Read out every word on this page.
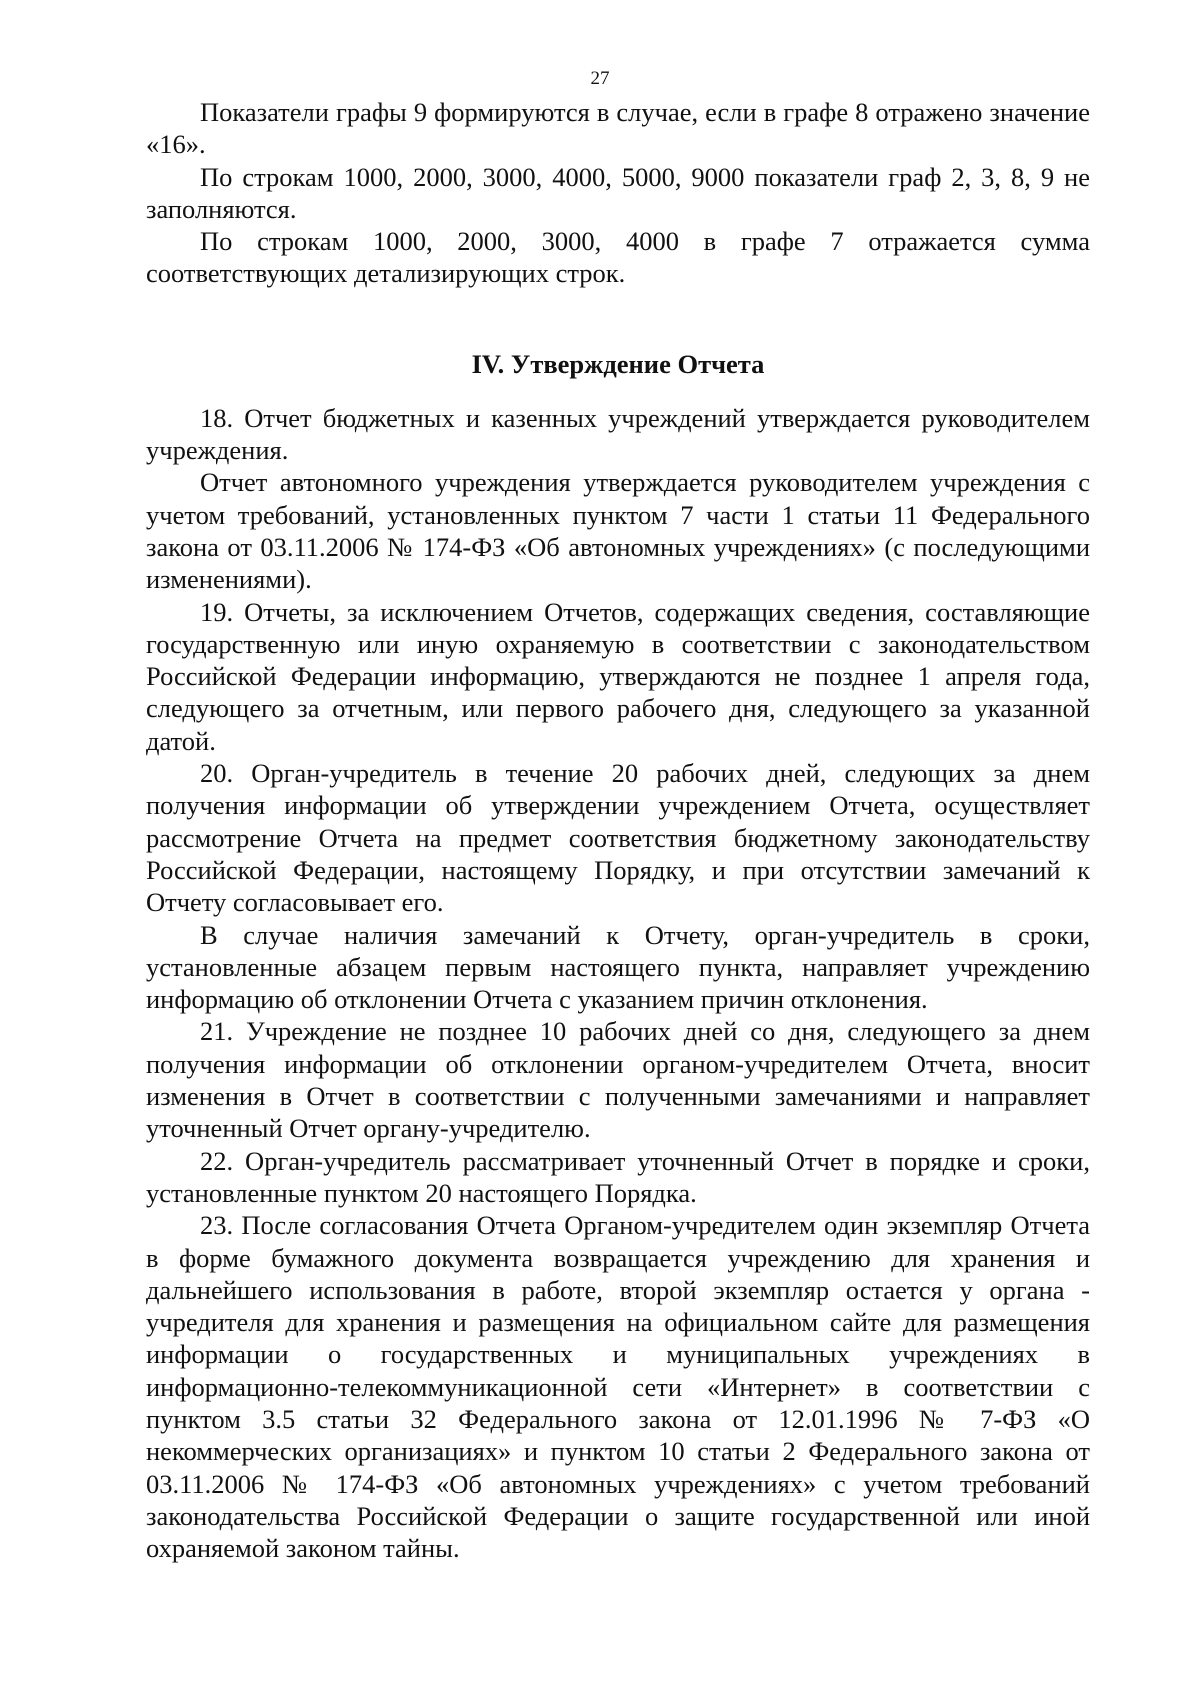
27

Показатели графы 9 формируются в случае, если в графе 8 отражено значение «16».

По строкам 1000, 2000, 3000, 4000, 5000, 9000 показатели граф 2, 3, 8, 9 не заполняются.

По строкам 1000, 2000, 3000, 4000 в графе 7 отражается сумма соответствующих детализирующих строк.

IV. Утверждение Отчета

18. Отчет бюджетных и казенных учреждений утверждается руководителем учреждения.

Отчет автономного учреждения утверждается руководителем учреждения с учетом требований, установленных пунктом 7 части 1 статьи 11 Федерального закона от 03.11.2006 № 174-ФЗ «Об автономных учреждениях» (с последующими изменениями).

19. Отчеты, за исключением Отчетов, содержащих сведения, составляющие государственную или иную охраняемую в соответствии с законодательством Российской Федерации информацию, утверждаются не позднее 1 апреля года, следующего за отчетным, или первого рабочего дня, следующего за указанной датой.

20. Орган-учредитель в течение 20 рабочих дней, следующих за днем получения информации об утверждении учреждением Отчета, осуществляет рассмотрение Отчета на предмет соответствия бюджетному законодательству Российской Федерации, настоящему Порядку, и при отсутствии замечаний к Отчету согласовывает его.

В случае наличия замечаний к Отчету, орган-учредитель в сроки, установленные абзацем первым настоящего пункта, направляет учреждению информацию об отклонении Отчета с указанием причин отклонения.

21. Учреждение не позднее 10 рабочих дней со дня, следующего за днем получения информации об отклонении органом-учредителем Отчета, вносит изменения в Отчет в соответствии с полученными замечаниями и направляет уточненный Отчет органу-учредителю.

22. Орган-учредитель рассматривает уточненный Отчет в порядке и сроки, установленные пунктом 20 настоящего Порядка.

23. После согласования Отчета Органом-учредителем один экземпляр Отчета в форме бумажного документа возвращается учреждению для хранения и дальнейшего использования в работе, второй экземпляр остается у органа - учредителя для хранения и размещения на официальном сайте для размещения информации о государственных и муниципальных учреждениях в информационно-телекоммуникационной сети «Интернет» в соответствии с пунктом 3.5 статьи 32 Федерального закона от 12.01.1996 № 7-ФЗ «О некоммерческих организациях» и пунктом 10 статьи 2 Федерального закона от 03.11.2006 № 174-ФЗ «Об автономных учреждениях» с учетом требований законодательства Российской Федерации о защите государственной или иной охраняемой законом тайны.
